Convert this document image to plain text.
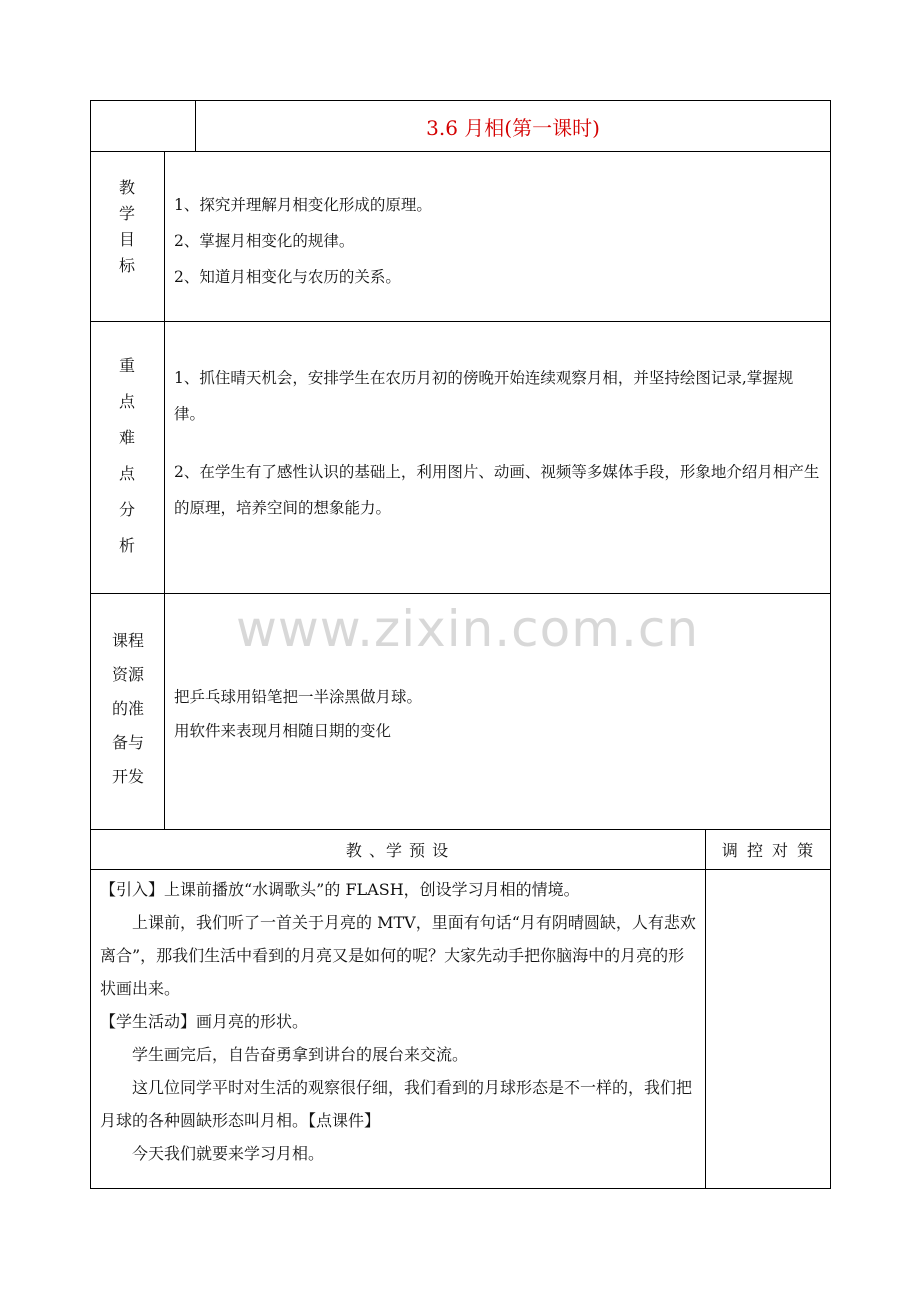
3.6 月相(第一课时)
教
学
目
标

1、探究并理解月相变化形成的原理。

2、掌握月相变化的规律。

2、知道月相变化与农历的关系。

重
点
难
点
分
析

1、抓住晴天机会，安排学生在农历月初的傍晚开始连续观察月相，并坚持绘图记录,掌握规律。

2、在学生有了感性认识的基础上，利用图片、动画、视频等多媒体手段，形象地介绍月相产生的原理，培养空间的想象能力。

课程
资源
的准
备与
开发
www.zixin.com.cn

把乒乓球用铅笔把一半涂黑做月球。

用软件来表现月相随日期的变化

教 、学 预 设	调 控 对 策

【引入】上课前播放“水调歌头”的 FLASH，创设学习月相的情境。

上课前，我们听了一首关于月亮的 MTV，里面有句话“月有阴晴圆缺，人有悲欢离合”，那我们生活中看到的月亮又是如何的呢？大家先动手把你脑海中的月亮的形状画出来。

【学生活动】画月亮的形状。

学生画完后，自告奋勇拿到讲台的展台来交流。

这几位同学平时对生活的观察很仔细，我们看到的月球形态是不一样的，我们把月球的各种圆缺形态叫月相。【点课件】

今天我们就要来学习月相。
